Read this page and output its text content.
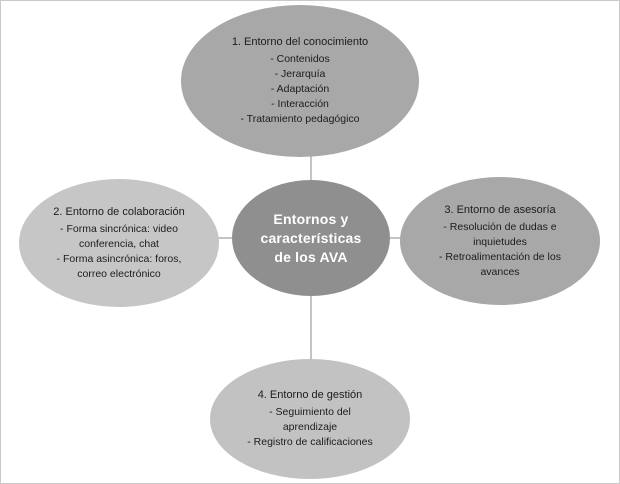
1. Entorno del conocimiento
- Contenidos
- Jerarquía
- Adaptación
- Interacción
- Tratamiento pedagógico
2. Entorno de colaboración
- Forma sincrónica: video
conferencia, chat
- Forma asincrónica: foros,
correo electrónico
Entornos y
características
de los AVA
3. Entorno de asesoría
- Resolución de dudas e
inquietudes
- Retroalimentación de los
avances
4. Entorno de gestión
- Seguimiento del
aprendizaje
- Registro de calificaciones
